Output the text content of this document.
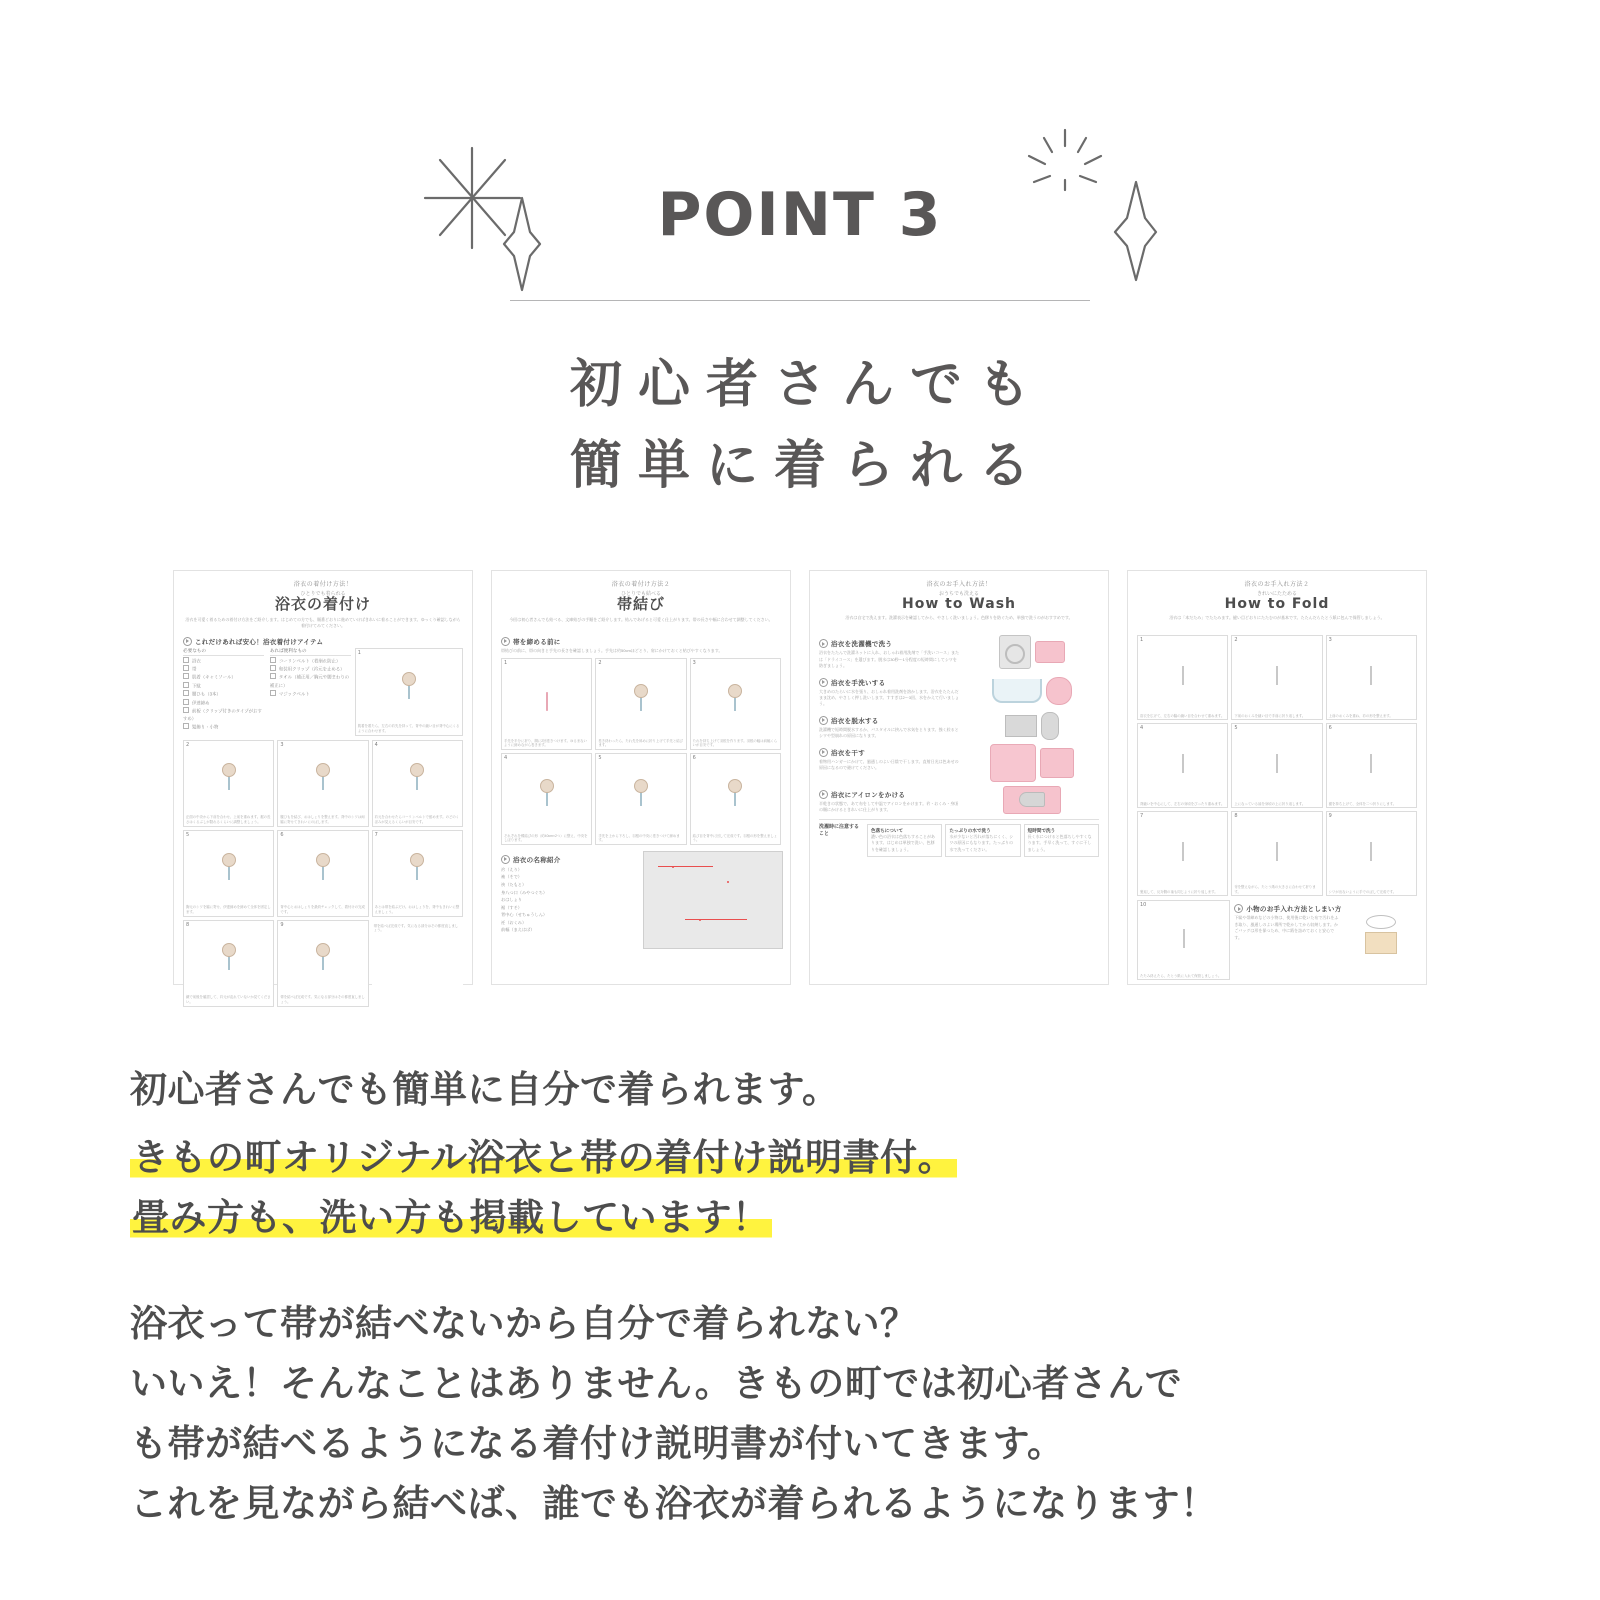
POINT 3
初心者さんでも
簡単に着られる
浴衣の着付け方法！
ひとりでも着られる
浴衣の着付け
浴衣を可愛く着るための着付け方法をご紹介します。はじめての方でも、順番どおりに進めていけばきれいに着ることができます。ゆっくり確認しながら着付けてみてください。
これだけあれば安心！浴衣着付けアイテム
必要なもの
浴衣
帯
肌着（キャミソール）
下駄
腰ひも（3本）
伊達締め
前板（クリップ付きのタイプがおすすめ）
髪飾り・小物
あれば便利なもの
コーリンベルト（着崩れ防止）
和装用クリップ（衿元を止める）
タオル（補正用／胸元や腰まわりの補正に）
マジックベルト
1
肌着を着たら、左右の衿先を持って、背中の縫い目が背中心にくるように合わせます。
2
正面の中央から下前を合わせ、上前を重ねます。裾の長さはくるぶしが隠れるくらいに調整しましょう。
3
腰ひもを結び、おはしょりを整えます。背中のシワは両脇に寄せてきれいにのばします。
4
衿元を合わせたらコーリンベルトで留めます。のどのくぼみが見えるくらいが目安です。
5
胸元のシワを脇に寄せ、伊達締めを締めて全体を固定します。
6
背中心とおはしょりを最終チェックして、着付けの完成です。
7
あとは帯を結ぶだけ。おはしょりを、背中もきれいに整えましょう。
8
鏡で前後を確認して、衿元が乱れていないか見てください。
9
帯を結べば完成です。気になる部分はその都度直しましょう。
帯を結べば完成です。気になる部分はその都度直しましょう。
浴衣の着付け方法２
ひとりでも結べる
帯結び
今回は初心者さんでも結べる、文庫結びの手順をご紹介します。結んであげると可愛く仕上がります。帯の長さや幅に合わせて調整してください。
帯を締める前に
帯結びの前に、帯の向きと手先の長さを確認しましょう。手先は約50cmほどとり、肩にかけておくと結びやすくなります。
1
手先を半分に折り、胴に2回巻きつけます。ゆるまないように締めながら巻きます。
2
巻き終わったら、たれ先を斜めに折り上げて手先と結びます。
3
たれを持ち上げて羽根を作ります。羽根の幅は肩幅くらいが目安です。
4
それぞれを蝶結びの形（約40cm×2つ）に整え、中央をしぼります。
5
手先を上から下ろし、羽根の中央に巻きつけて締めます。
6
結び目を背中に回して完成です。羽根の形を整えましょう。
浴衣の名称紹介
衿（えり）
袖（そで）
袂（たもと）
身八つ口（みやつぐち）
おはしょり
裾（すそ）
背中心（せちゅうしん）
衽（おくみ）
前幅（まえはば）
浴衣のお手入れ方法！
おうちでも洗える
How to Wash
浴衣は自宅で洗えます。洗濯表示を確認してから、やさしく洗いましょう。色移りを防ぐため、単独で洗うのがおすすめです。
浴衣を洗濯機で洗う
浴衣をたたんで洗濯ネットに入れ、おしゃれ着用洗剤で「手洗いコース」または「ドライコース」を選びます。脱水は30秒〜1分程度の短時間にしてシワを防ぎましょう。
浴衣を手洗いする
大きめのたらいに水を張り、おしゃれ着用洗剤を溶かします。浴衣をたたんだまま沈め、やさしく押し洗いします。すすぎは2〜3回、水をかえて行いましょう。
浴衣を脱水する
洗濯機で短時間脱水するか、バスタオルに挟んで水気をとります。強く絞るとシワや型崩れの原因になります。
浴衣を干す
着物用ハンガーにかけて、風通しのよい日陰で干します。直射日光は色あせの原因になるので避けてください。
浴衣にアイロンをかける
半乾きの状態で、あて布をして中温でアイロンをかけます。衿・おくみ・身頃の順にかけるときれいに仕上がります。
洗濯時に注意すること
色落ちについて
濃い色の浴衣は色落ちすることがあります。はじめは単独で洗い、色移りを確認しましょう。
たっぷりの水で洗う
水が少ないと汚れが落ちにくく、シワの原因にもなります。たっぷりの水で洗ってください。
短時間で洗う
長く水につけると色落ちしやすくなります。手早く洗って、すぐに干しましょう。
浴衣のお手入れ方法２
きれいにたためる
How to Fold
浴衣は「本だたみ」でたたみます。縫い目どおりにたたむのが基本です。たたんだらたとう紙に包んで保管しましょう。
1
浴衣を広げて、左右の脇の縫い目を合わせて重ねます。
2
下前のおくみを縫い目で手前に折り返します。
3
上前のおくみを重ね、衿の形を整えます。
4
背縫いを中心にして、左右の身頃をぴったり重ねます。
5
上になっている袖を身頃の上に折り返します。
6
裾を持ち上げて、全体を二つ折りにします。
7
裏返して、反対側の袖も同じように折り返します。
8
형を整えながら、たとう紙の大きさに合わせて折ります。
9
シワが出ないように手でのばして完成です。
10
たたみ終えたら、たとう紙に入れて保管しましょう。
小物のお手入れ方法としまい方
下駄や帯締めなどの小物は、使用後に乾いた布で汚れをふき取り、風通しのよい場所で乾かしてから収納します。かごバッグは形を保つため、中に紙を詰めておくと安心です。

初心者さんでも簡単に自分で着られます。

きもの町オリジナル浴衣と帯の着付け説明書付。

畳み方も、洗い方も掲載しています！

浴衣って帯が結べないから自分で着られない？

いいえ！そんなことはありません。きもの町では初心者さんで

も帯が結べるようになる着付け説明書が付いてきます。

これを見ながら結べば、誰でも浴衣が着られるようになります！
